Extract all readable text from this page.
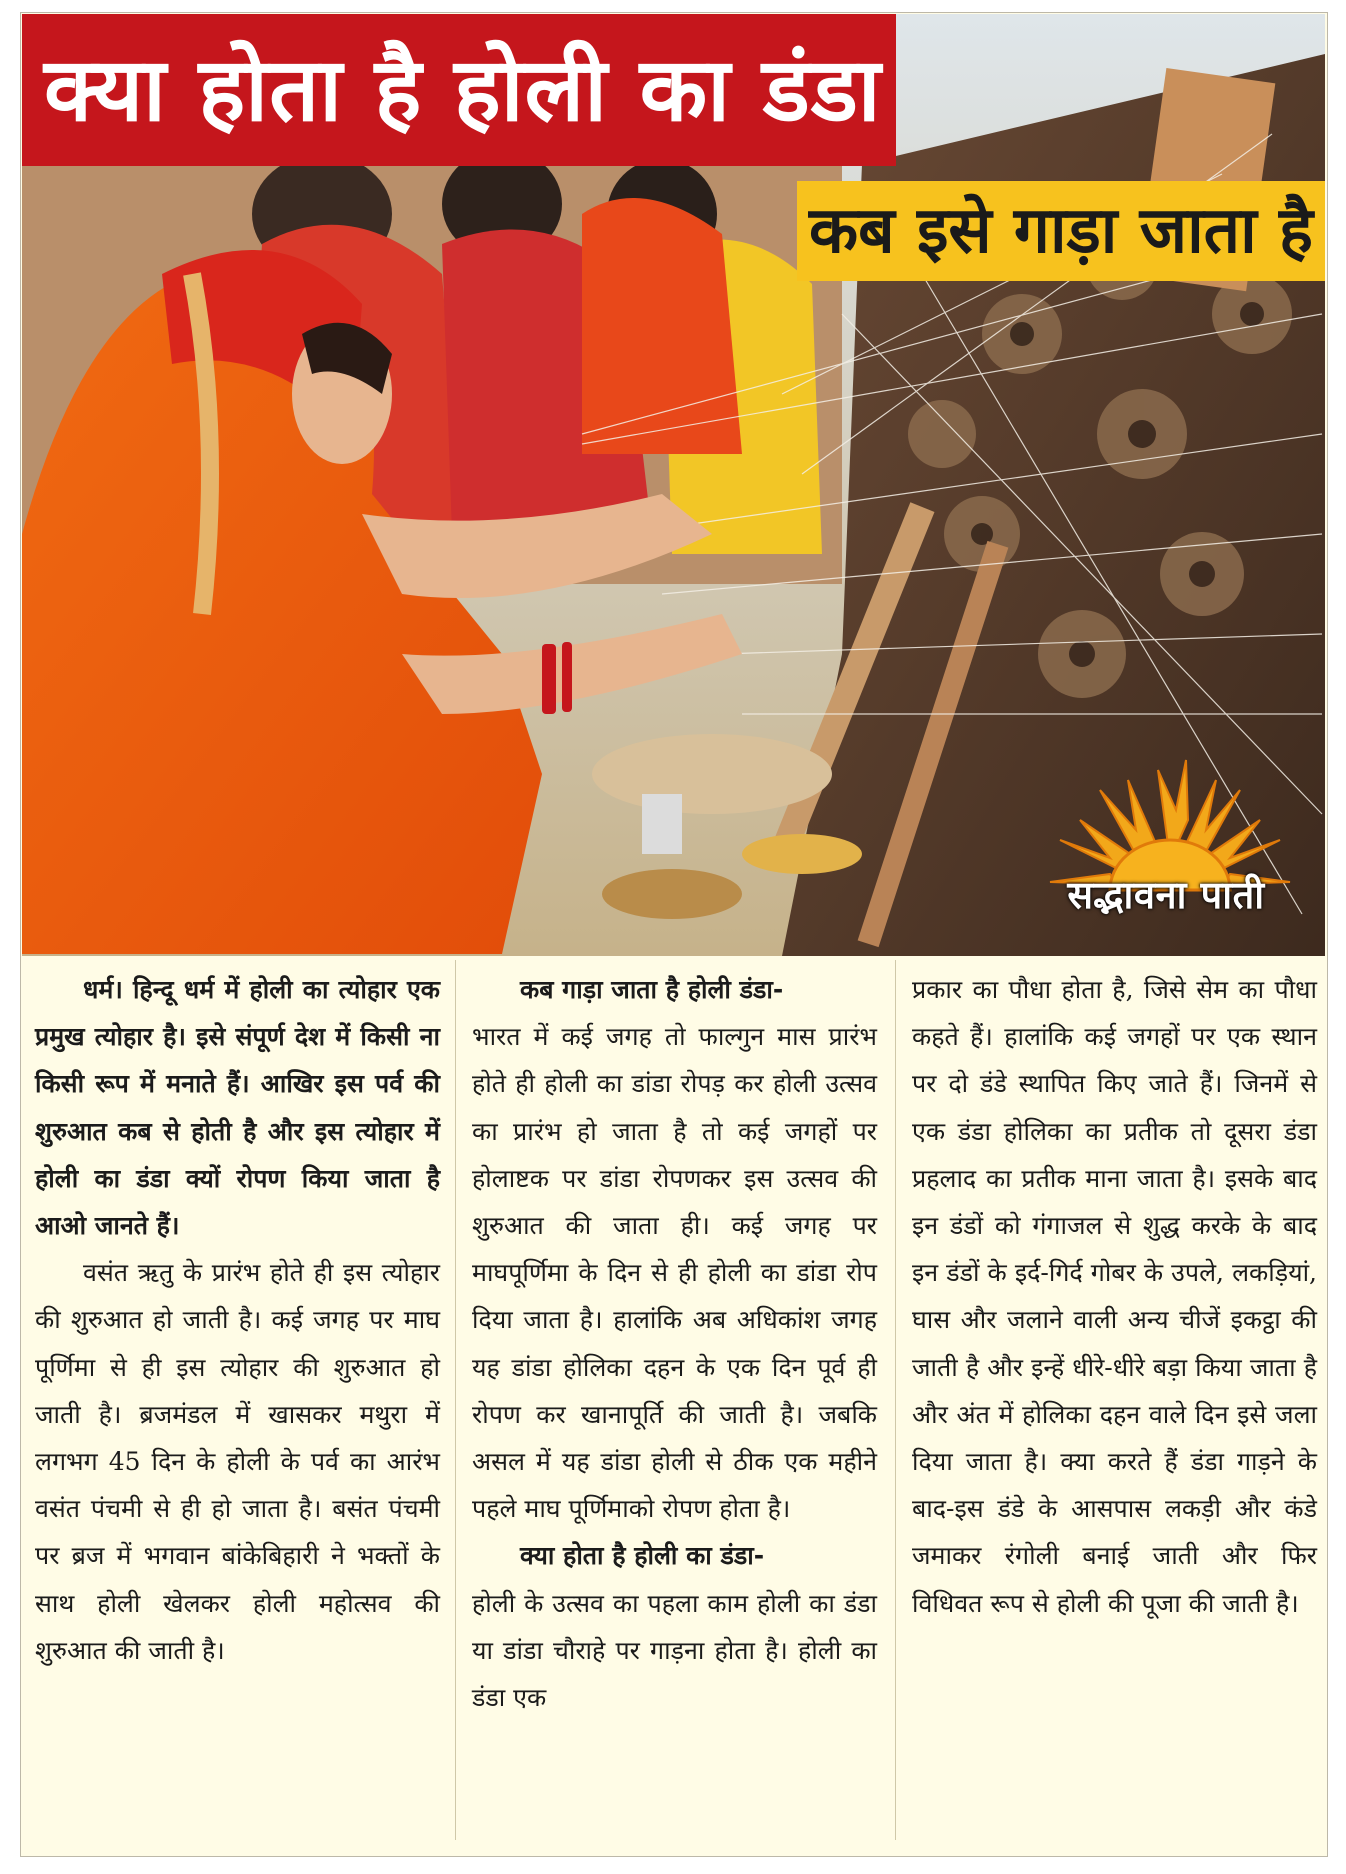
क्या होता है होली का डंडा
कब इसे गाड़ा जाता है
सद्भावना पाती

धर्म। हिन्दू धर्म में होली का त्योहार एक प्रमुख त्योहार है। इसे संपूर्ण देश में किसी ना किसी रूप में मनाते हैं। आखिर इस पर्व की शुरुआत कब से होती है और इस त्योहार में होली का डंडा क्यों रोपण किया जाता है आओ जानते हैं।

वसंत ऋतु के प्रारंभ होते ही इस त्योहार की शुरुआत हो जाती है। कई जगह पर माघ पूर्णिमा से ही इस त्योहार की शुरुआत हो जाती है। ब्रजमंडल में खासकर मथुरा में लगभग 45 दिन के होली के पर्व का आरंभ वसंत पंचमी से ही हो जाता है। बसंत पंचमी पर ब्रज में भगवान बांकेबिहारी ने भक्तों के साथ होली खेलकर होली महोत्सव की शुरुआत की जाती है।

कब गाड़ा जाता है होली डंडा-

भारत में कई जगह तो फाल्गुन मास प्रारंभ होते ही होली का डांडा रोपड़ कर होली उत्सव का प्रारंभ हो जाता है तो कई जगहों पर होलाष्टक पर डांडा रोपणकर इस उत्सव की शुरुआत की जाता ही। कई जगह पर माघपूर्णिमा के दिन से ही होली का डांडा रोप दिया जाता है। हालांकि अब अधिकांश जगह यह डांडा होलिका दहन के एक दिन पूर्व ही रोपण कर खानापूर्ति की जाती है। जबकि असल में यह डांडा होली से ठीक एक महीने पहले माघ पूर्णिमाको रोपण होता है।

क्या होता है होली का डंडा-

होली के उत्सव का पहला काम होली का डंडा या डांडा चौराहे पर गाड़ना होता है। होली का डंडा एक

प्रकार का पौधा होता है, जिसे सेम का पौधा कहते हैं। हालांकि कई जगहों पर एक स्थान पर दो डंडे स्थापित किए जाते हैं। जिनमें से एक डंडा होलिका का प्रतीक तो दूसरा डंडा प्रहलाद का प्रतीक माना जाता है। इसके बाद इन डंडों को गंगाजल से शुद्ध करके के बाद इन डंडों के इर्द-गिर्द गोबर के उपले, लकड़ियां, घास और जलाने वाली अन्य चीजें इकट्ठा की जाती है और इन्हें धीरे-धीरे बड़ा किया जाता है और अंत में होलिका दहन वाले दिन इसे जला दिया जाता है। क्या करते हैं डंडा गाड़ने के बाद-इस डंडे के आसपास लकड़ी और कंडे जमाकर रंगोली बनाई जाती और फिर विधिवत रूप से होली की पूजा की जाती है।
